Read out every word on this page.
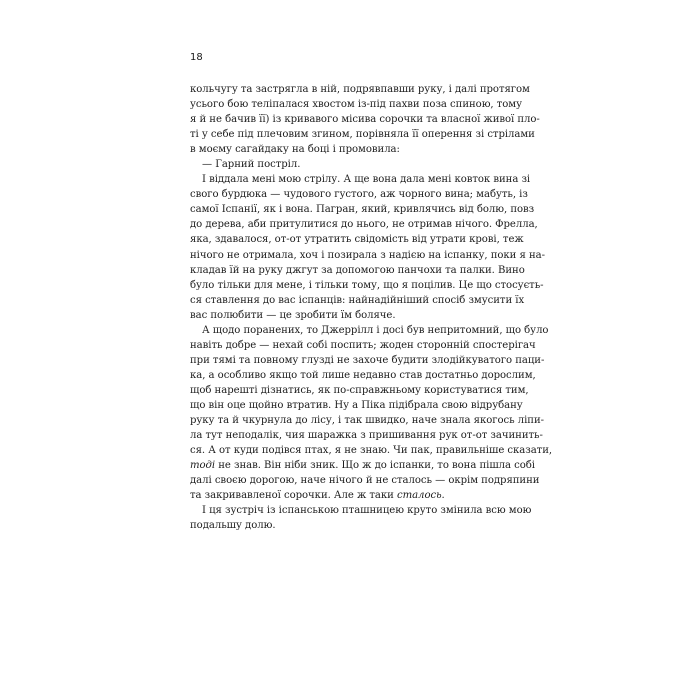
18
кольчугу та застрягла в ній, подрявпавши руку, і далі протягом
усього бою теліпалася хвостом із-під пахви поза спиною, тому
я й не бачив її) із кривавого місива сорочки та власної живої пло-
ті у себе під плечовим згином, порівняла її оперення зі стрілами
в моєму сагайдаку на боці і промовила:
— Гарний постріл.
І віддала мені мою стрілу. А ще вона дала мені ковток вина зі
свого бурдюка — чудового густого, аж чорного вина; мабуть, із
самої Іспанії, як і вона. Пагран, який, кривлячись від болю, повз
до дерева, аби притулитися до нього, не отримав нічого. Фрелла,
яка, здавалося, от-от утратить свідомість від утрати крові, теж
нічого не отримала, хоч і позирала з надією на іспанку, поки я на-
кладав їй на руку джгут за допомогою панчохи та палки. Вино
було тільки для мене, і тільки тому, що я поцілив. Це що стосуєть-
ся ставлення до вас іспанців: найнадійніший спосіб змусити їх
вас полюбити — це зробити їм боляче.
А щодо поранених, то Джеррілл і досі був непритомний, що було
навіть добре — нехай собі поспить; жоден сторонній спостерігач
при тямі та повному глузді не захоче будити злодійкуватого паци-
ка, а особливо якщо той лише недавно став достатньо дорослим,
щоб нарешті дізнатись, як по-справжньому користуватися тим,
що він оце щойно втратив. Ну а Піка підібрала свою відрубану
руку та й чкурнула до лісу, і так швидко, наче знала якогось ліпи-
ла тут неподалік, чия шаражка з пришивання рук от-от зачинить-
ся. А от куди подівся птах, я не знаю. Чи пак, правильніше сказати,
тоді не знав. Він ніби зник. Що ж до іспанки, то вона пішла собі
далі своєю дорогою, наче нічого й не сталось — окрім подряпини
та закривавленої сорочки. Але ж таки сталось.
І ця зустріч із іспанською пташницею круто змінила всю мою
подальшу долю.
